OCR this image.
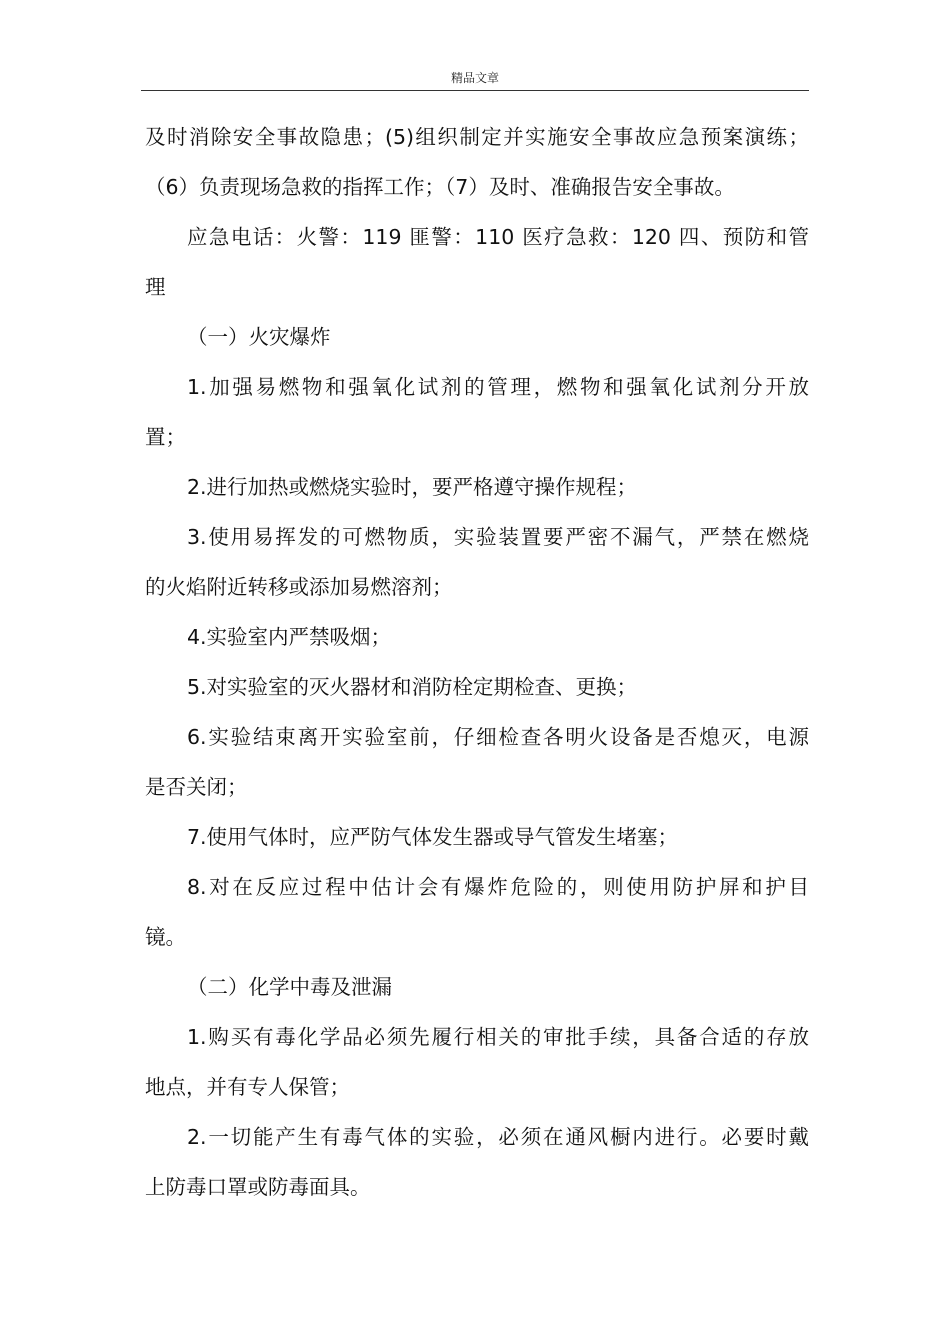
精品文章
及时消除安全事故隐患；(5)组织制定并实施安全事故应急预案演练；
（6）负责现场急救的指挥工作；（7）及时、准确报告安全事故。
应急电话：火警：119 匪警：110 医疗急救：120 四、预防和管
理
（一）火灾爆炸
1.加强易燃物和强氧化试剂的管理，燃物和强氧化试剂分开放
置；
2.进行加热或燃烧实验时，要严格遵守操作规程；
3.使用易挥发的可燃物质，实验装置要严密不漏气，严禁在燃烧
的火焰附近转移或添加易燃溶剂；
4.实验室内严禁吸烟；
5.对实验室的灭火器材和消防栓定期检查、更换；
6.实验结束离开实验室前，仔细检查各明火设备是否熄灭，电源
是否关闭；
7.使用气体时，应严防气体发生器或导气管发生堵塞；
8.对在反应过程中估计会有爆炸危险的，则使用防护屏和护目
镜。
（二）化学中毒及泄漏
1.购买有毒化学品必须先履行相关的审批手续，具备合适的存放
地点，并有专人保管；
2.一切能产生有毒气体的实验，必须在通风橱内进行。必要时戴
上防毒口罩或防毒面具。
